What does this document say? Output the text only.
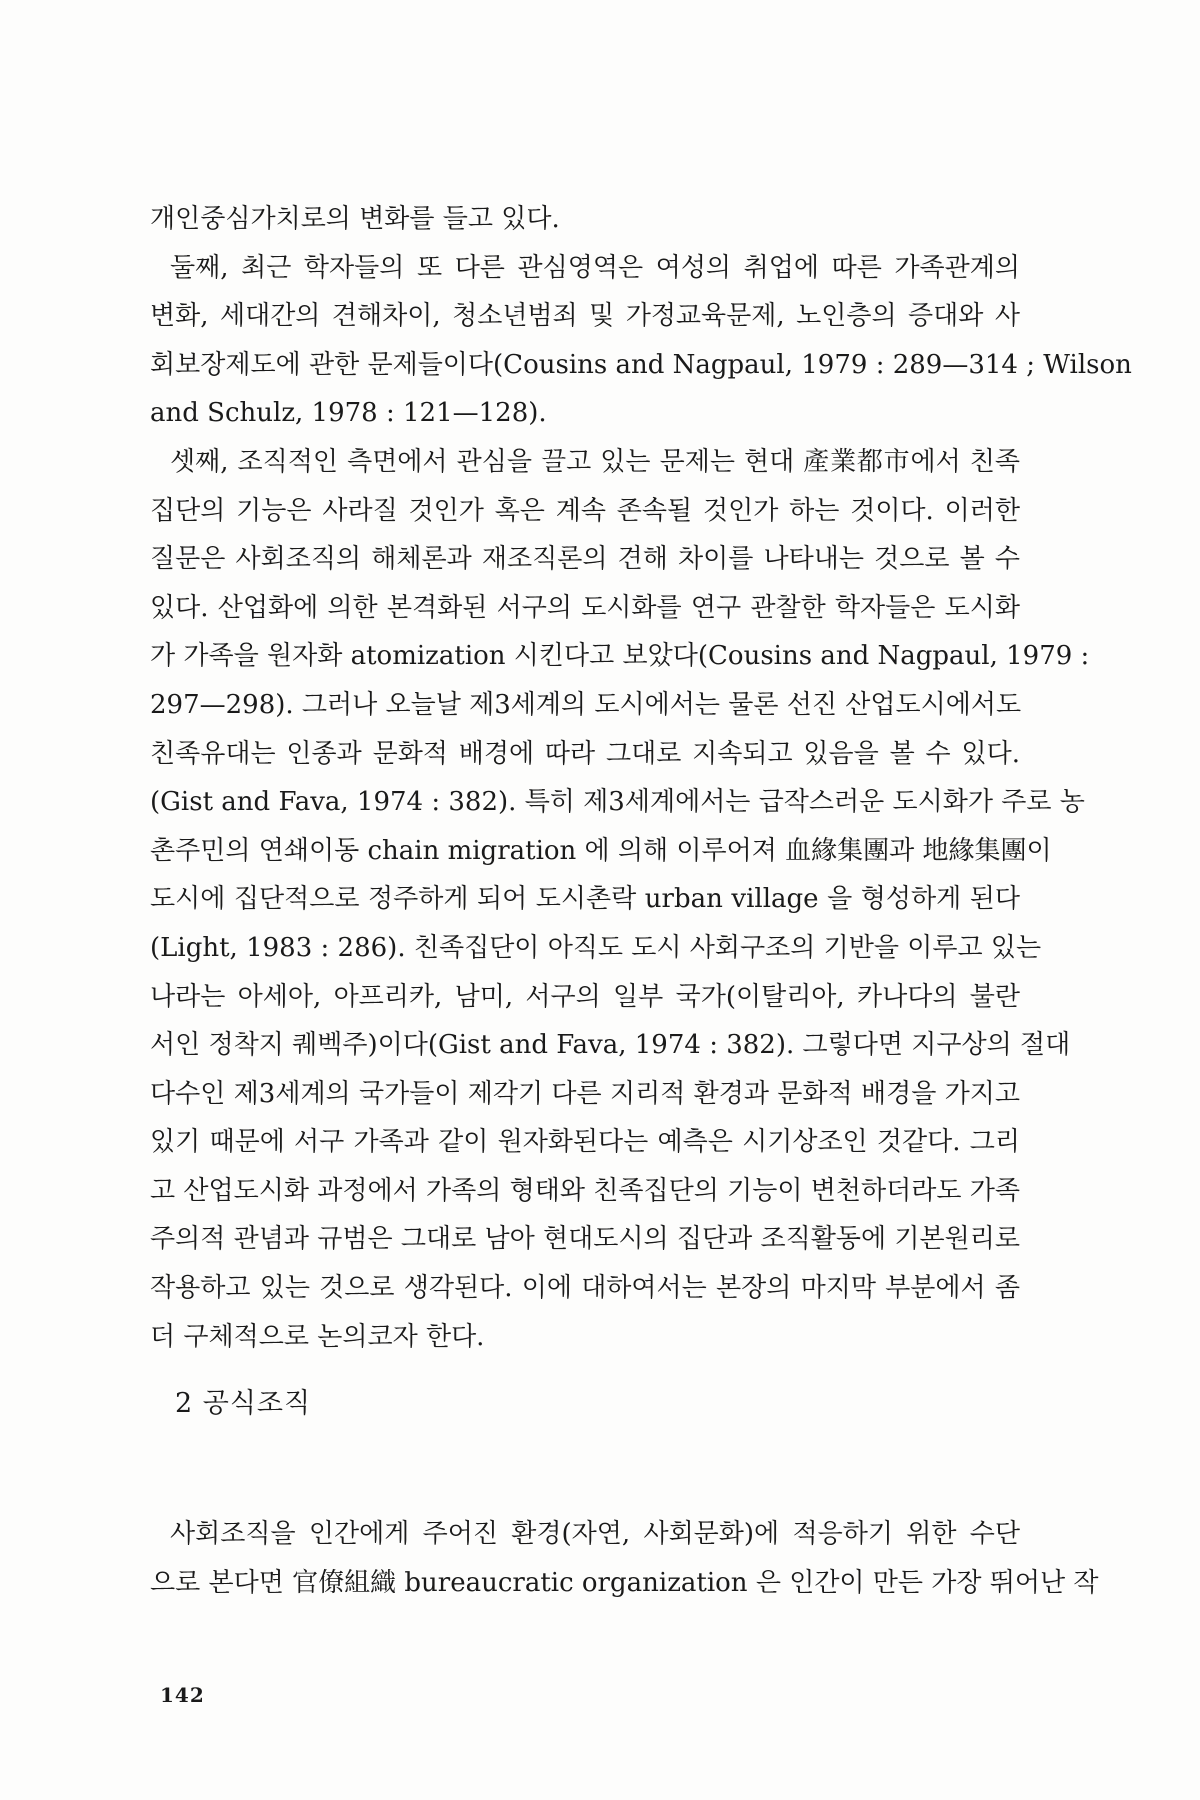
개인중심가치로의 변화를 들고 있다.
둘째, 최근 학자들의 또 다른 관심영역은 여성의 취업에 따른 가족관계의
변화, 세대간의 견해차이, 청소년범죄 및 가정교육문제, 노인층의 증대와 사
회보장제도에 관한 문제들이다(Cousins and Nagpaul, 1979 : 289—314 ; Wilson
and Schulz, 1978 : 121—128).
셋째, 조직적인 측면에서 관심을 끌고 있는 문제는 현대 產業都市에서 친족
집단의 기능은 사라질 것인가 혹은 계속 존속될 것인가 하는 것이다. 이러한
질문은 사회조직의 해체론과 재조직론의 견해 차이를 나타내는 것으로 볼 수
있다. 산업화에 의한 본격화된 서구의 도시화를 연구 관찰한 학자들은 도시화
가 가족을 원자화 atomization 시킨다고 보았다(Cousins and Nagpaul, 1979 :
297—298). 그러나 오늘날 제3세계의 도시에서는 물론 선진 산업도시에서도
친족유대는 인종과 문화적 배경에 따라 그대로 지속되고 있음을 볼 수 있다.
(Gist and Fava, 1974 : 382). 특히 제3세계에서는 급작스러운 도시화가 주로 농
촌주민의 연쇄이동 chain migration 에 의해 이루어져 血緣集團과 地緣集團이
도시에 집단적으로 정주하게 되어 도시촌락 urban village 을 형성하게 된다
(Light, 1983 : 286). 친족집단이 아직도 도시 사회구조의 기반을 이루고 있는
나라는 아세아, 아프리카, 남미, 서구의 일부 국가(이탈리아, 카나다의 불란
서인 정착지 퀘벡주)이다(Gist and Fava, 1974 : 382). 그렇다면 지구상의 절대
다수인 제3세계의 국가들이 제각기 다른 지리적 환경과 문화적 배경을 가지고
있기 때문에 서구 가족과 같이 원자화된다는 예측은 시기상조인 것같다. 그리
고 산업도시화 과정에서 가족의 형태와 친족집단의 기능이 변천하더라도 가족
주의적 관념과 규범은 그대로 남아 현대도시의 집단과 조직활동에 기본원리로
작용하고 있는 것으로 생각된다. 이에 대하여서는 본장의 마지막 부분에서 좀
더 구체적으로 논의코자 한다.
2 공식조직
사회조직을 인간에게 주어진 환경(자연, 사회문화)에 적응하기 위한 수단
으로 본다면 官僚組織 bureaucratic organization 은 인간이 만든 가장 뛰어난 작
142
